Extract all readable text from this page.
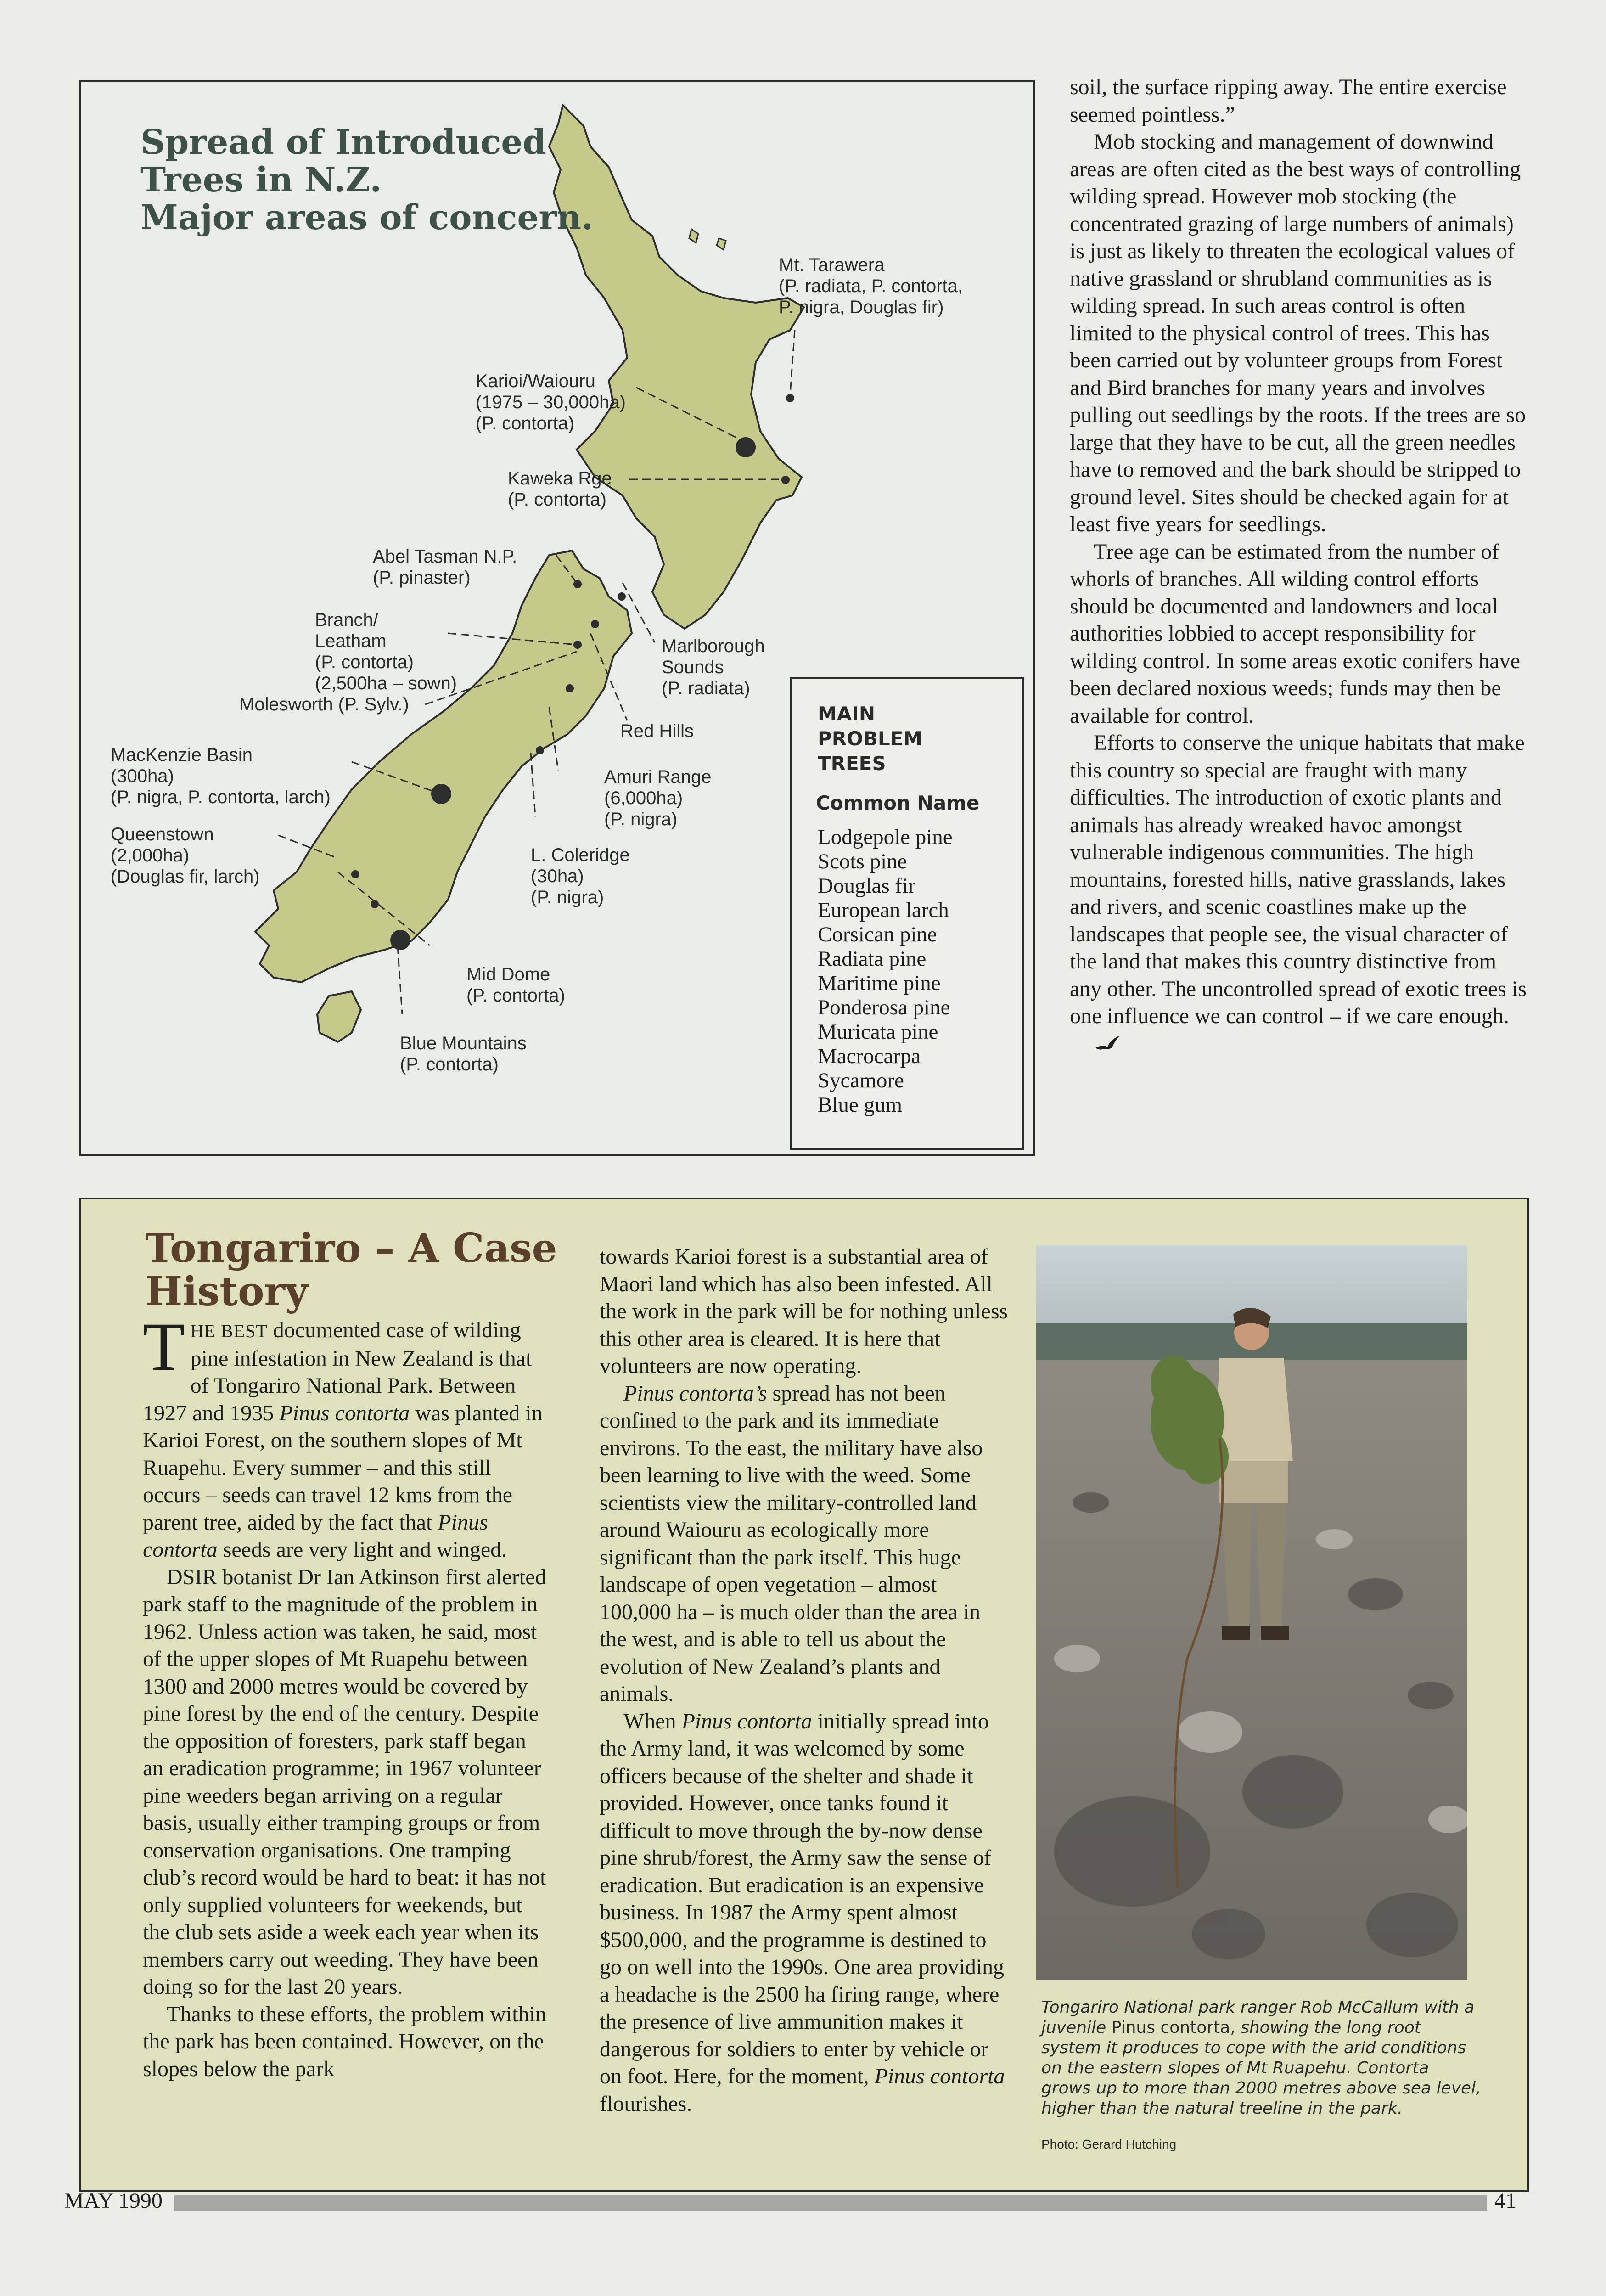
Spread of Introduced
Trees in N.Z.
Major areas of concern.
Mt. Tarawera
(P. radiata, P. contorta,
P. nigra, Douglas fir)
Karioi/Waiouru
(1975 – 30,000ha)
(P. contorta)
Kaweka Rge
(P. contorta)
Abel Tasman N.P.
(P. pinaster)
Branch/
Leatham
(P. contorta)
(2,500ha – sown)
Marlborough
Sounds
(P. radiata)
Molesworth (P. Sylv.)
Red Hills
MacKenzie Basin
(300ha)
(P. nigra, P. contorta, larch)
Amuri Range
(6,000ha)
(P. nigra)
Queenstown
(2,000ha)
(Douglas fir, larch)
L. Coleridge
(30ha)
(P. nigra)
Mid Dome
(P. contorta)
Blue Mountains
(P. contorta)
MAIN
PROBLEM
TREES
Common Name
Lodgepole pine
Scots pine
Douglas fir
European larch
Corsican pine
Radiata pine
Maritime pine
Ponderosa pine
Muricata pine
Macrocarpa
Sycamore
Blue gum

soil, the surface ripping away. The entire exercise seemed pointless.”

Mob stocking and management of downwind areas are often cited as the best ways of controlling wilding spread. However mob stocking (the concentrated grazing of large numbers of animals) is just as likely to threaten the ecological values of native grassland or shrubland communities as is wilding spread. In such areas control is often limited to the physical control of trees. This has been carried out by volunteer groups from Forest and Bird branches for many years and involves pulling out seedlings by the roots. If the trees are so large that they have to be cut, all the green needles have to removed and the bark should be stripped to ground level. Sites should be checked again for at least five years for seedlings.

Tree age can be estimated from the number of whorls of branches. All wilding control efforts should be documented and landowners and local authorities lobbied to accept responsibility for wilding control. In some areas exotic conifers have been declared noxious weeds; funds may then be available for control.

Efforts to conserve the unique habitats that make this country so special are fraught with many difficulties. The introduction of exotic plants and animals has already wreaked havoc amongst vulnerable indigenous communities. The high mountains, forested hills, native grasslands, lakes and rivers, and scenic coastlines make up the landscapes that people see, the visual character of the land that makes this country distinctive from any other. The uncontrolled spread of exotic trees is one influence we can control – if we care enough.

Tongariro – A Case
History

THE BEST documented case of wilding pine infestation in New Zealand is that of Tongariro National Park. Between 1927 and 1935 Pinus contorta was planted in Karioi Forest, on the southern slopes of Mt Ruapehu. Every summer – and this still occurs – seeds can travel 12 kms from the parent tree, aided by the fact that Pinus contorta seeds are very light and winged.

DSIR botanist Dr Ian Atkinson first alerted park staff to the magnitude of the problem in 1962. Unless action was taken, he said, most of the upper slopes of Mt Ruapehu between 1300 and 2000 metres would be covered by pine forest by the end of the century. Despite the opposition of foresters, park staff began an eradication programme; in 1967 volunteer pine weeders began arriving on a regular basis, usually either tramping groups or from conservation organisations. One tramping club’s record would be hard to beat: it has not only supplied volunteers for weekends, but the club sets aside a week each year when its members carry out weeding. They have been doing so for the last 20 years.

Thanks to these efforts, the problem within the park has been contained. However, on the slopes below the park

towards Karioi forest is a substantial area of Maori land which has also been infested. All the work in the park will be for nothing unless this other area is cleared. It is here that volunteers are now operating.

Pinus contorta’s spread has not been confined to the park and its immediate environs. To the east, the military have also been learning to live with the weed. Some scientists view the military-controlled land around Waiouru as ecologically more significant than the park itself. This huge landscape of open vegetation – almost 100,000 ha – is much older than the area in the west, and is able to tell us about the evolution of New Zealand’s plants and animals.

When Pinus contorta initially spread into the Army land, it was welcomed by some officers because of the shelter and shade it provided. However, once tanks found it difficult to move through the by-now dense pine shrub/forest, the Army saw the sense of eradication. But eradication is an expensive business. In 1987 the Army spent almost $500,000, and the programme is destined to go on well into the 1990s. One area providing a headache is the 2500 ha firing range, where the presence of live ammunition makes it dangerous for soldiers to enter by vehicle or on foot. Here, for the moment, Pinus contorta flourishes.

Tongariro National park ranger Rob McCallum with a juvenile Pinus contorta, showing the long root system it produces to cope with the arid conditions on the eastern slopes of Mt Ruapehu. Contorta grows up to more than 2000 metres above sea level, higher than the natural treeline in the park.
Photo: Gerard Hutching
MAY 1990	41
